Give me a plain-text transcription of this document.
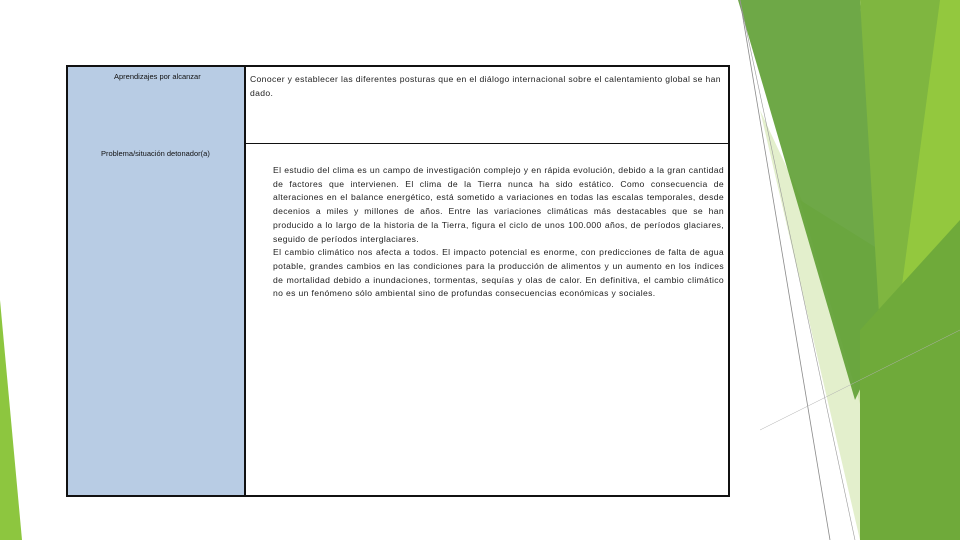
Aprendizajes por alcanzar	Conocer y establecer las diferentes posturas que en el diálogo internacional sobre el calentamiento global se han dado.
Problema/situación detonador(a)

El estudio del clima es un campo de investigación complejo y en rápida evolución, debido a la gran cantidad de factores que intervienen. El clima de la Tierra nunca ha sido estático. Como consecuencia de alteraciones en el balance energético, está sometido a variaciones en todas las escalas temporales, desde decenios a miles y millones de años. Entre las variaciones climáticas más destacables que se han producido a lo largo de la historia de la Tierra, figura el ciclo de unos 100.000 años, de períodos glaciares, seguido de períodos interglaciares.

El cambio climático nos afecta a todos. El impacto potencial es enorme, con predicciones de falta de agua potable, grandes cambios en las condiciones para la producción de alimentos y un aumento en los índices de mortalidad debido a inundaciones, tormentas, sequías y olas de calor. En definitiva, el cambio climático no es un fenómeno sólo ambiental sino de profundas consecuencias económicas y sociales.
